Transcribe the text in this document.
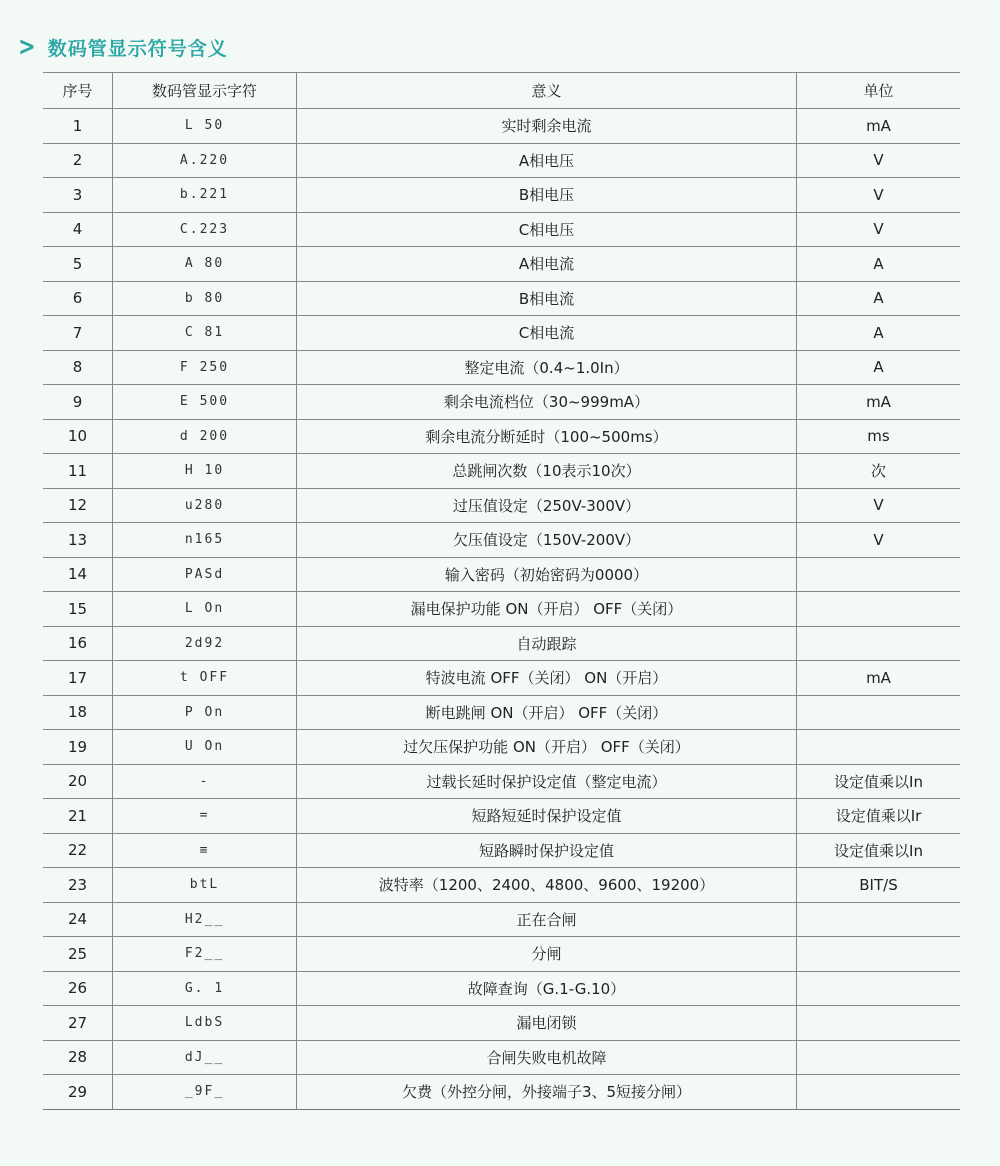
> 数码管显示符号含义
序号	数码管显示字符	意义	单位
1	L 50	实时剩余电流	mA
2	A.220	A相电压	V
3	b.221	B相电压	V
4	C.223	C相电压	V
5	A 80	A相电流	A
6	b 80	B相电流	A
7	C 81	C相电流	A
8	F 250	整定电流（0.4~1.0In）	A
9	E 500	剩余电流档位（30~999mA）	mA
10	d 200	剩余电流分断延时（100~500ms）	ms
11	H 10	总跳闸次数（10表示10次）	次
12	u280	过压值设定（250V-300V）	V
13	n165	欠压值设定（150V-200V）	V
14	PASd	输入密码（初始密码为0000）	
15	L On	漏电保护功能 ON（开启） OFF（关闭）	
16	2d92	自动跟踪	
17	t OFF	特波电流 OFF（关闭） ON（开启）	mA
18	P On	断电跳闸 ON（开启） OFF（关闭）	
19	U On	过欠压保护功能 ON（开启） OFF（关闭）	
20	-	过载长延时保护设定值（整定电流）	设定值乘以In
21	=	短路短延时保护设定值	设定值乘以Ir
22	≡	短路瞬时保护设定值	设定值乘以In
23	btL	波特率（1200、2400、4800、9600、19200）	BIT/S
24	H2__	正在合闸	
25	F2__	分闸	
26	G. 1	故障查询（G.1-G.10）	
27	LdbS	漏电闭锁	
28	dJ__	合闸失败电机故障	
29	_9F_	欠费（外控分闸，外接端子3、5短接分闸）	
